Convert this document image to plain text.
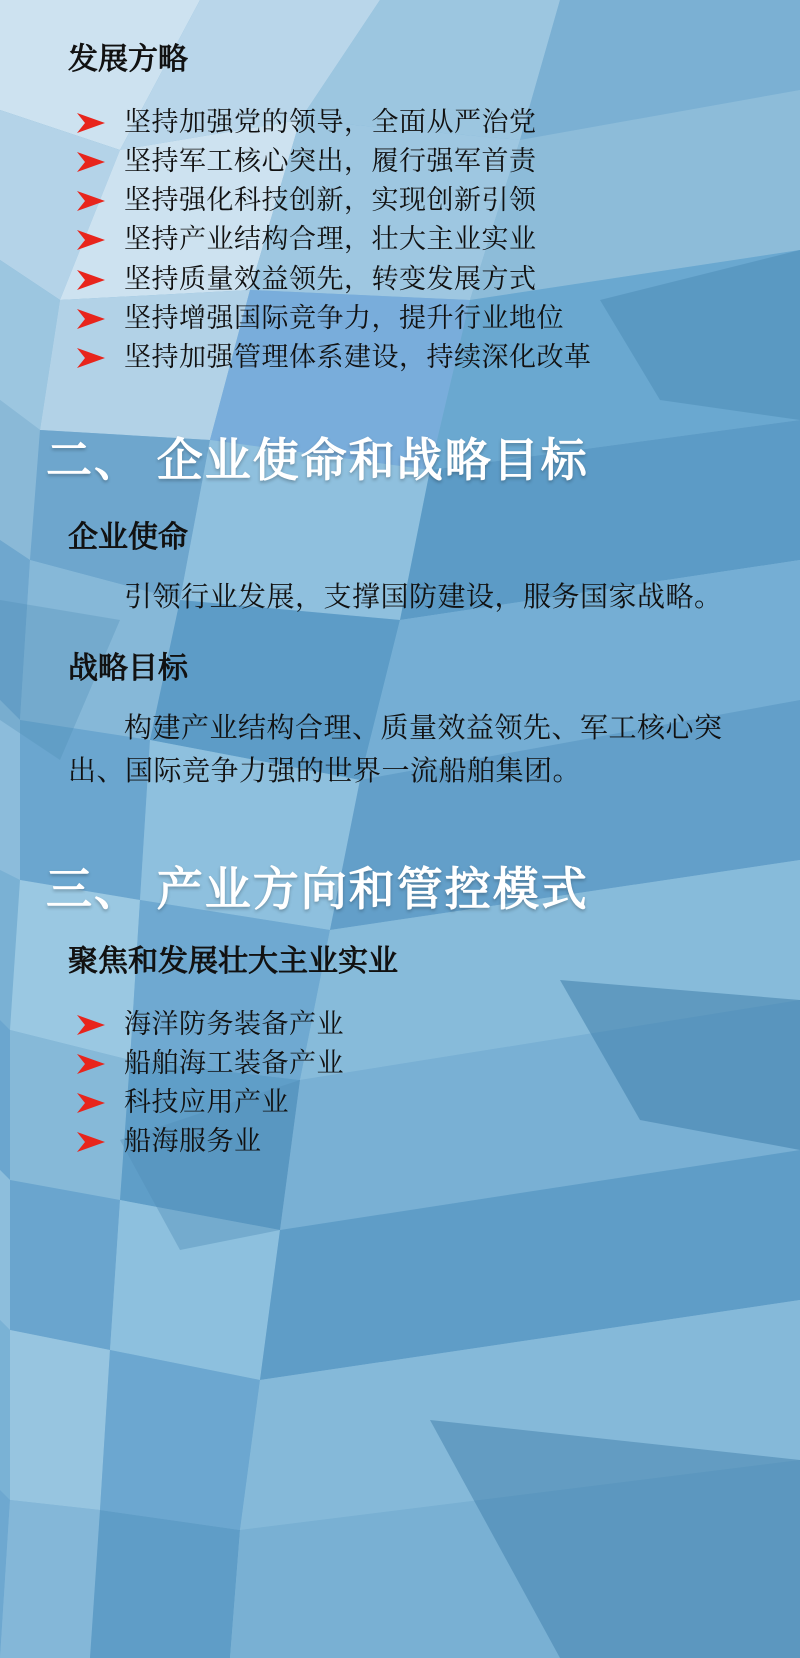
发展方略
坚持加强党的领导，全面从严治党
坚持军工核心突出，履行强军首责
坚持强化科技创新，实现创新引领
坚持产业结构合理，壮大主业实业
坚持质量效益领先，转变发展方式
坚持增强国际竞争力，提升行业地位
坚持加强管理体系建设，持续深化改革
二、 企业使命和战略目标
企业使命

引领行业发展，支撑国防建设，服务国家战略。

战略目标

构建产业结构合理、质量效益领先、军工核心突出、国际竞争力强的世界一流船舶集团。

三、 产业方向和管控模式
聚焦和发展壮大主业实业
海洋防务装备产业
船舶海工装备产业
科技应用产业
船海服务业
